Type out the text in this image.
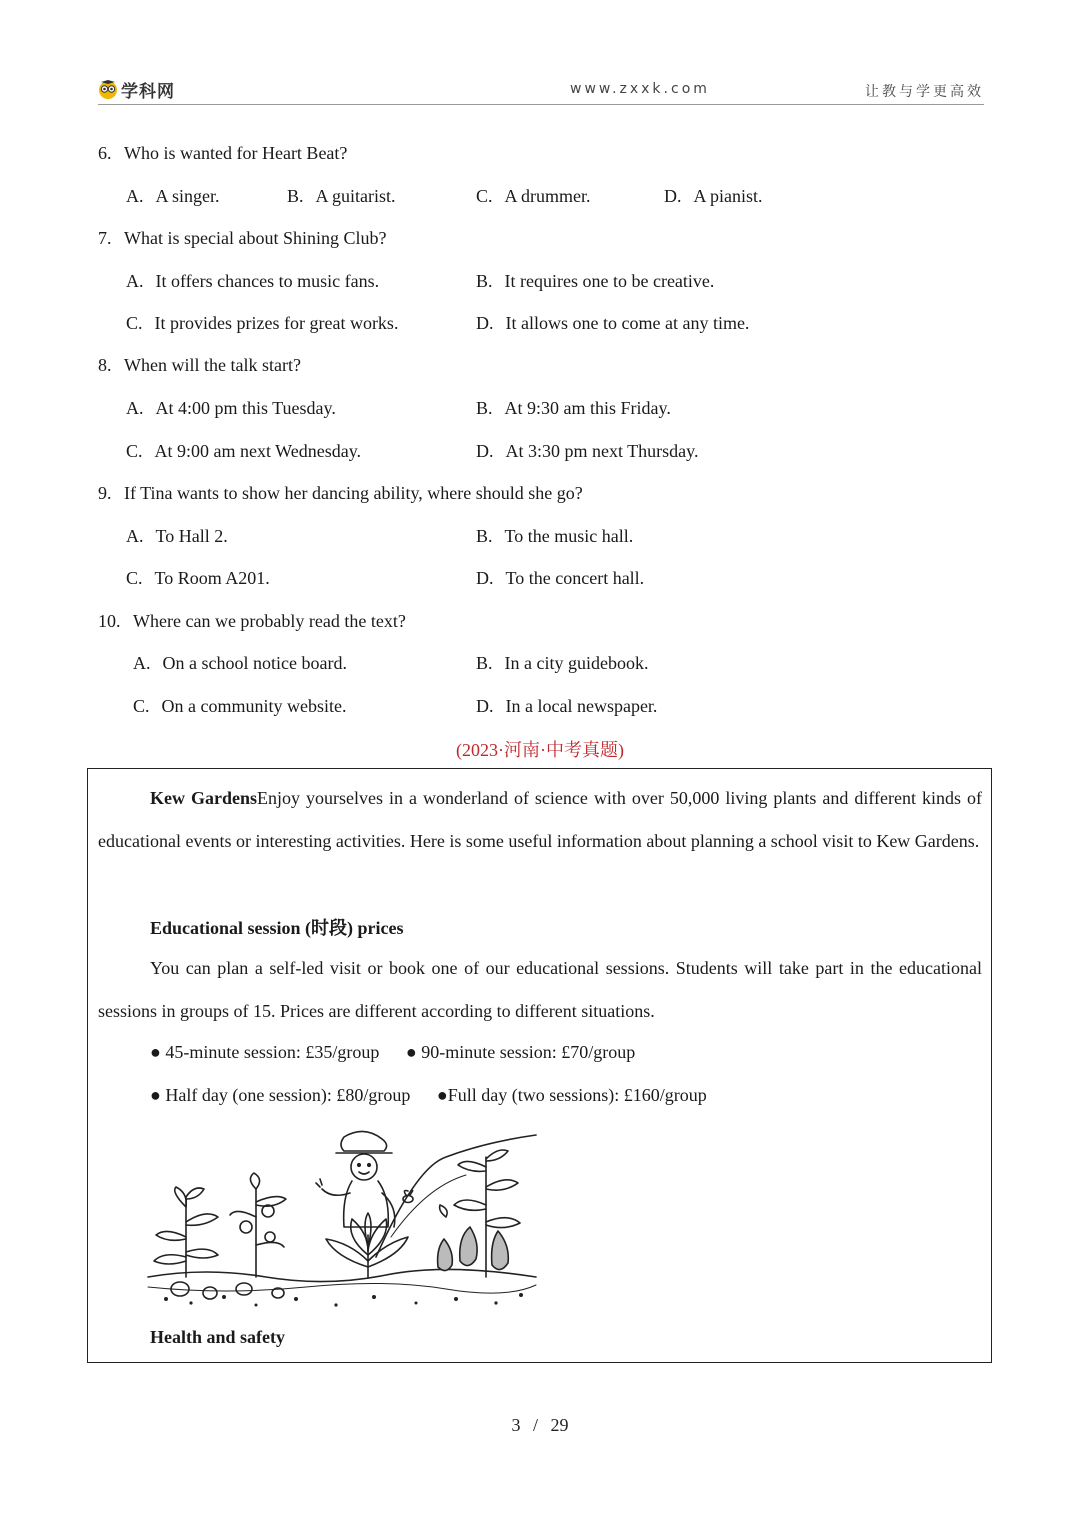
学科网	www.zxxk.com	让教与学更高效
6. Who is wanted for Heart Beat?
A. A singer.	B. A guitarist.	C. A drummer.	D. A pianist.
7. What is special about Shining Club?
A. It offers chances to music fans.	B. It requires one to be creative.
C. It provides prizes for great works.	D. It allows one to come at any time.
8. When will the talk start?
A. At 4:00 pm this Tuesday.	B. At 9:30 am this Friday.
C. At 9:00 am next Wednesday.	D. At 3:30 pm next Thursday.
9. If Tina wants to show her dancing ability, where should she go?
A. To Hall 2.	B. To the music hall.
C. To Room A201.	D. To the concert hall.
10. Where can we probably read the text?
A. On a school notice board.	B. In a city guidebook.
C. On a community website.	D. In a local newspaper.
(2023·河南·中考真题)
Kew GardensEnjoy yourselves in a wonderland of science with over 50,000 living plants and different kinds of educational events or interesting activities. Here is some useful information about planning a school visit to Kew Gardens.
Educational session (时段) prices
You can plan a self-led visit or book one of our educational sessions. Students will take part in the educational sessions in groups of 15. Prices are different according to different situations.
● 45-minute session: £35/group ● 90-minute session: £70/group
● Half day (one session): £80/group ●Full day (two sessions): £160/group
Health and safety
3 / 29
